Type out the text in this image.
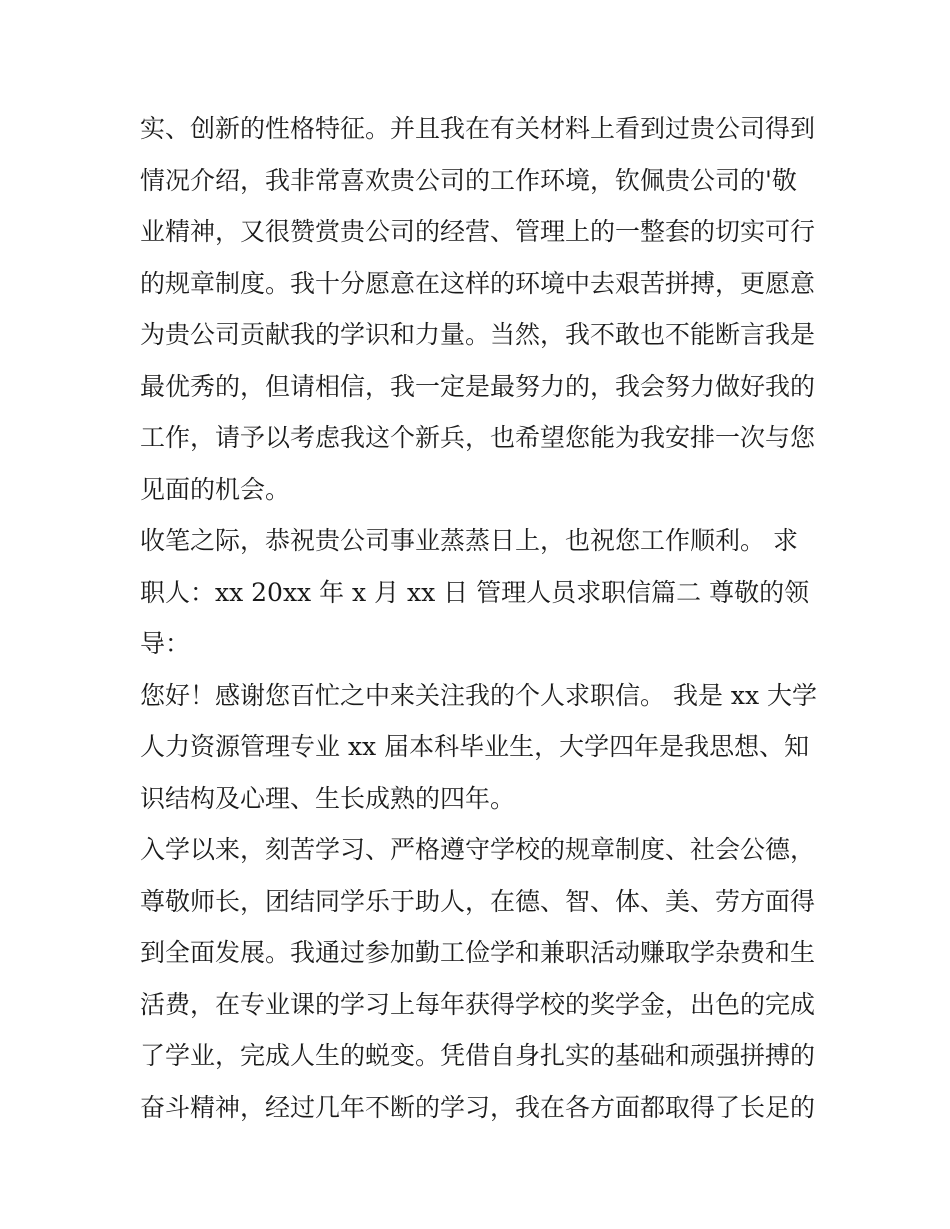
实、创新的性格特征。并且我在有关材料上看到过贵公司得到
情况介绍，我非常喜欢贵公司的工作环境，钦佩贵公司的'敬
业精神，又很赞赏贵公司的经营、管理上的一整套的切实可行
的规章制度。我十分愿意在这样的环境中去艰苦拼搏，更愿意
为贵公司贡献我的学识和力量。当然，我不敢也不能断言我是
最优秀的，但请相信，我一定是最努力的，我会努力做好我的
工作，请予以考虑我这个新兵，也希望您能为我安排一次与您
见面的机会。
收笔之际，恭祝贵公司事业蒸蒸日上，也祝您工作顺利。 求
职人：xx 20xx 年 x 月 xx 日 管理人员求职信篇二 尊敬的领
导：
您好！感谢您百忙之中来关注我的个人求职信。 我是 xx 大学
人力资源管理专业 xx 届本科毕业生，大学四年是我思想、知
识结构及心理、生长成熟的四年。
入学以来，刻苦学习、严格遵守学校的规章制度、社会公德，
尊敬师长，团结同学乐于助人，在德、智、体、美、劳方面得
到全面发展。我通过参加勤工俭学和兼职活动赚取学杂费和生
活费，在专业课的学习上每年获得学校的奖学金，出色的完成
了学业，完成人生的蜕变。凭借自身扎实的基础和顽强拼搏的
奋斗精神，经过几年不断的学习，我在各方面都取得了长足的
